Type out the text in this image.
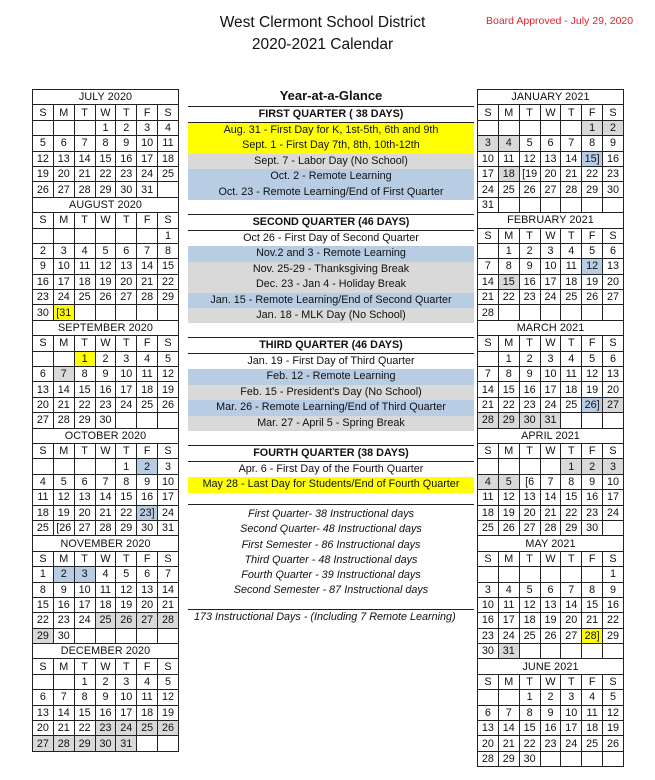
West Clermont School District
2020-2021 Calendar
Board Approved - July 29, 2020
JULY 2020						
S	M	T	W	T	F	S
			1	2	3	4
5	6	7	8	9	10	11
12	13	14	15	16	17	18
19	20	21	22	23	24	25
26	27	28	29	30	31	
AUGUST 2020						
S	M	T	W	T	F	S
						1
2	3	4	5	6	7	8
9	10	11	12	13	14	15
16	17	18	19	20	21	22
23	24	25	26	27	28	29
30	[31					
SEPTEMBER 2020						
S	M	T	W	T	F	S
		1	2	3	4	5
6	7	8	9	10	11	12
13	14	15	16	17	18	19
20	21	22	23	24	25	26
27	28	29	30			
OCTOBER 2020						
S	M	T	W	T	F	S
				1	2	3
4	5	6	7	8	9	10
11	12	13	14	15	16	17
18	19	20	21	22	23]	24
25	[26	27	28	29	30	31
NOVEMBER 2020						
S	M	T	W	T	F	S
1	2	3	4	5	6	7
8	9	10	11	12	13	14
15	16	17	18	19	20	21
22	23	24	25	26	27	28
29	30					
DECEMBER 2020						
S	M	T	W	T	F	S
		1	2	3	4	5
6	7	8	9	10	11	12
13	14	15	16	17	18	19
20	21	22	23	24	25	26
27	28	29	30	31		
JANUARY 2021						
S	M	T	W	T	F	S
					1	2
3	4	5	6	7	8	9
10	11	12	13	14	15]	16
17	18	[19	20	21	22	23
24	25	26	27	28	29	30
31						
FEBRUARY 2021						
S	M	T	W	T	F	S
	1	2	3	4	5	6
7	8	9	10	11	12	13
14	15	16	17	18	19	20
21	22	23	24	25	26	27
28						
MARCH 2021						
S	M	T	W	T	F	S
	1	2	3	4	5	6
7	8	9	10	11	12	13
14	15	16	17	18	19	20
21	22	23	24	25	26]	27
28	29	30	31			
APRIL 2021						
S	M	T	W	T	F	S
				1	2	3
4	5	[6	7	8	9	10
11	12	13	14	15	16	17
18	19	20	21	22	23	24
25	26	27	28	29	30	
MAY 2021						
S	M	T	W	T	F	S
						1
3	4	5	6	7	8	9
10	11	12	13	14	15	16
16	17	18	19	20	21	22
23	24	25	26	27	28]	29
30	31					
JUNE 2021						
S	M	T	W	T	F	S
		1	2	3	4	5
6	7	8	9	10	11	12
13	14	15	16	17	18	19
20	21	22	23	24	25	26
28	29	30				
Year-at-a-Glance
FIRST QUARTER ( 38 DAYS)
Aug. 31 - First Day for K, 1st-5th, 6th and 9th
Sept. 1 - First Day 7th, 8th, 10th-12th
Sept. 7 - Labor Day (No School)
Oct. 2 - Remote Learning
Oct. 23 - Remote Learning/End of First Quarter
SECOND QUARTER (46 DAYS)
Oct 26 - First Day of Second Quarter
Nov.2 and 3 - Remote Learning
Nov. 25-29 - Thanksgiving Break
Dec. 23 - Jan 4 - Holiday Break
Jan. 15 - Remote Learning/End of Second Quarter
Jan. 18 - MLK Day (No School)
THIRD QUARTER (46 DAYS)
Jan. 19 - First Day of Third Quarter
Feb. 12 - Remote Learning
Feb. 15 - President's Day (No School)
Mar. 26 - Remote Learning/End of Third Quarter
Mar. 27 - April 5 - Spring Break
FOURTH QUARTER (38 DAYS)
Apr. 6 - First Day of the Fourth Quarter
May 28 - Last Day for Students/End of Fourth Quarter
First Quarter- 38 Instructional days
Second Quarter- 48 Instructional days
First Semester - 86 Instructional days
Third Quarter - 48 Instructional days
Fourth Quarter - 39 Instructional days
Second Semester - 87 Instructional days
173 Instructional Days - (Including 7 Remote Learning)
